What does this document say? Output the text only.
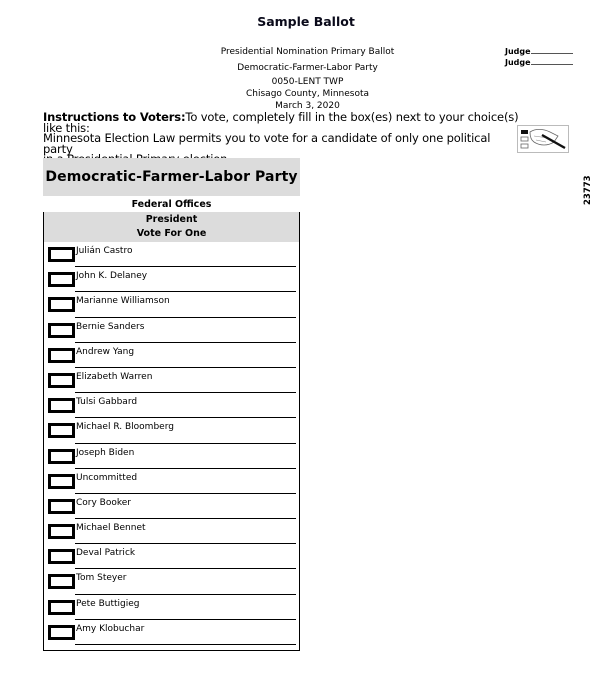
Sample Ballot
Presidential Nomination Primary Ballot
Democratic-Farmer-Labor Party
0050-LENT TWP
Chisago County, Minnesota
March 3, 2020
Judge
Judge
Instructions to Voters:To vote, completely fill in the box(es) next to your choice(s) like this:
Minnesota Election Law permits you to vote for a candidate of only one political party
23773
Democratic-Farmer-Labor Party
Federal Offices
President
Vote For One
Julián Castro
John K. Delaney
Marianne Williamson
Bernie Sanders
Andrew Yang
Elizabeth Warren
Tulsi Gabbard
Michael R. Bloomberg
Joseph Biden
Uncommitted
Cory Booker
Michael Bennet
Deval Patrick
Tom Steyer
Pete Buttigieg
Amy Klobuchar
